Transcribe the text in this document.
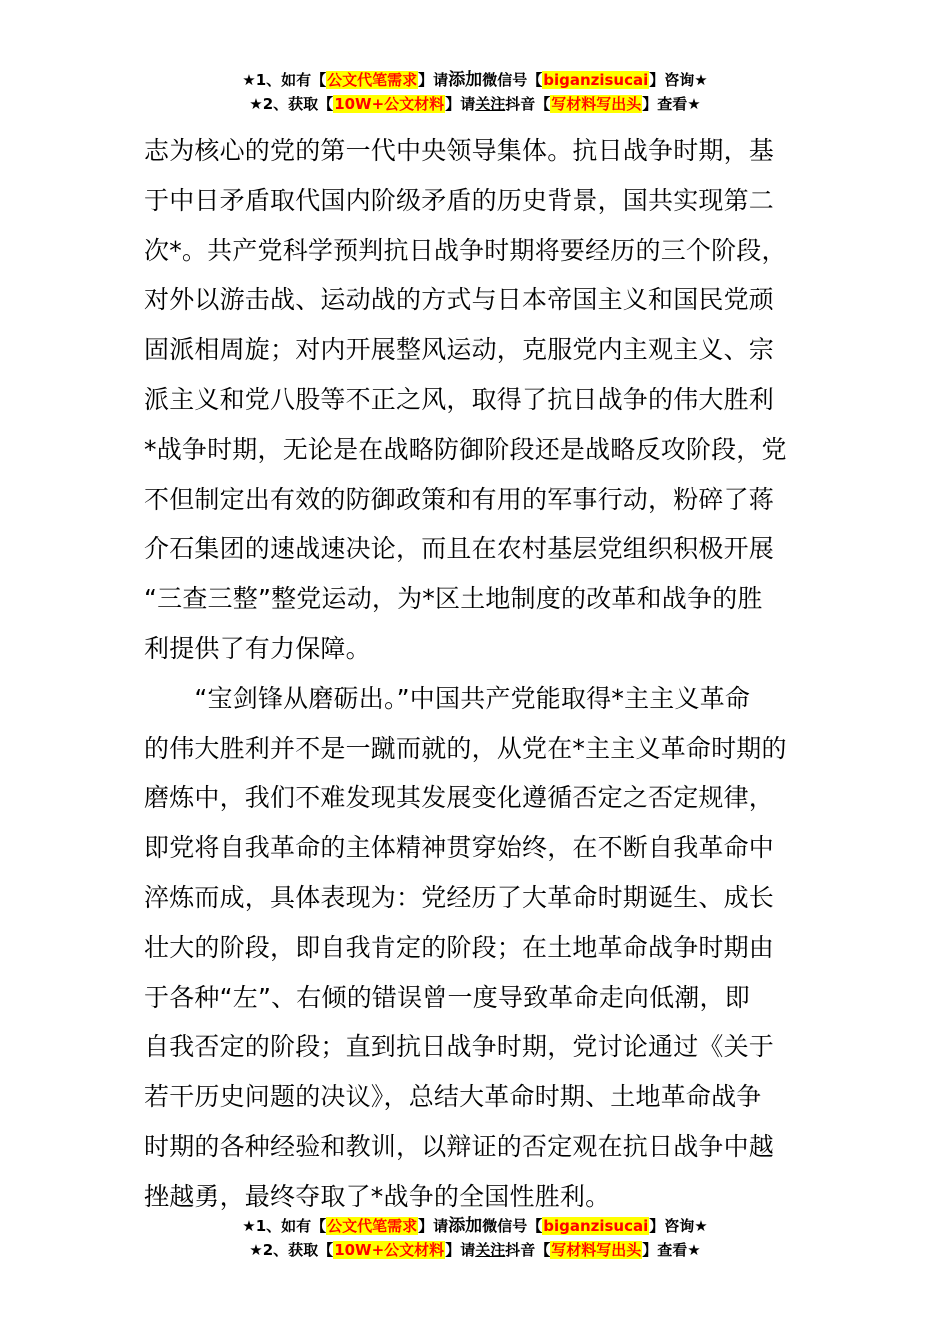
★1、如有【公文代笔需求】请添加微信号【biganzisucai】咨询★
★2、获取【10W+公文材料】请关注抖音【写材料写出头】查看★
志为核心的党的第一代中央领导集体。抗日战争时期，基
于中日矛盾取代国内阶级矛盾的历史背景，国共实现第二
次*。共产党科学预判抗日战争时期将要经历的三个阶段，
对外以游击战、运动战的方式与日本帝国主义和国民党顽
固派相周旋；对内开展整风运动，克服党内主观主义、宗
派主义和党八股等不正之风，取得了抗日战争的伟大胜利
*战争时期，无论是在战略防御阶段还是战略反攻阶段，党
不但制定出有效的防御政策和有用的军事行动，粉碎了蒋
介石集团的速战速决论，而且在农村基层党组织积极开展
“三查三整”整党运动，为*区土地制度的改革和战争的胜
利提供了有力保障。
　　“宝剑锋从磨砺出。”中国共产党能取得*主主义革命
的伟大胜利并不是一蹴而就的，从党在*主主义革命时期的
磨炼中，我们不难发现其发展变化遵循否定之否定规律，
即党将自我革命的主体精神贯穿始终，在不断自我革命中
淬炼而成，具体表现为：党经历了大革命时期诞生、成长
壮大的阶段，即自我肯定的阶段；在土地革命战争时期由
于各种“左”、右倾的错误曾一度导致革命走向低潮，即
自我否定的阶段；直到抗日战争时期，党讨论通过《关于
若干历史问题的决议》，总结大革命时期、土地革命战争
时期的各种经验和教训，以辩证的否定观在抗日战争中越
挫越勇，最终夺取了*战争的全国性胜利。
★1、如有【公文代笔需求】请添加微信号【biganzisucai】咨询★
★2、获取【10W+公文材料】请关注抖音【写材料写出头】查看★
